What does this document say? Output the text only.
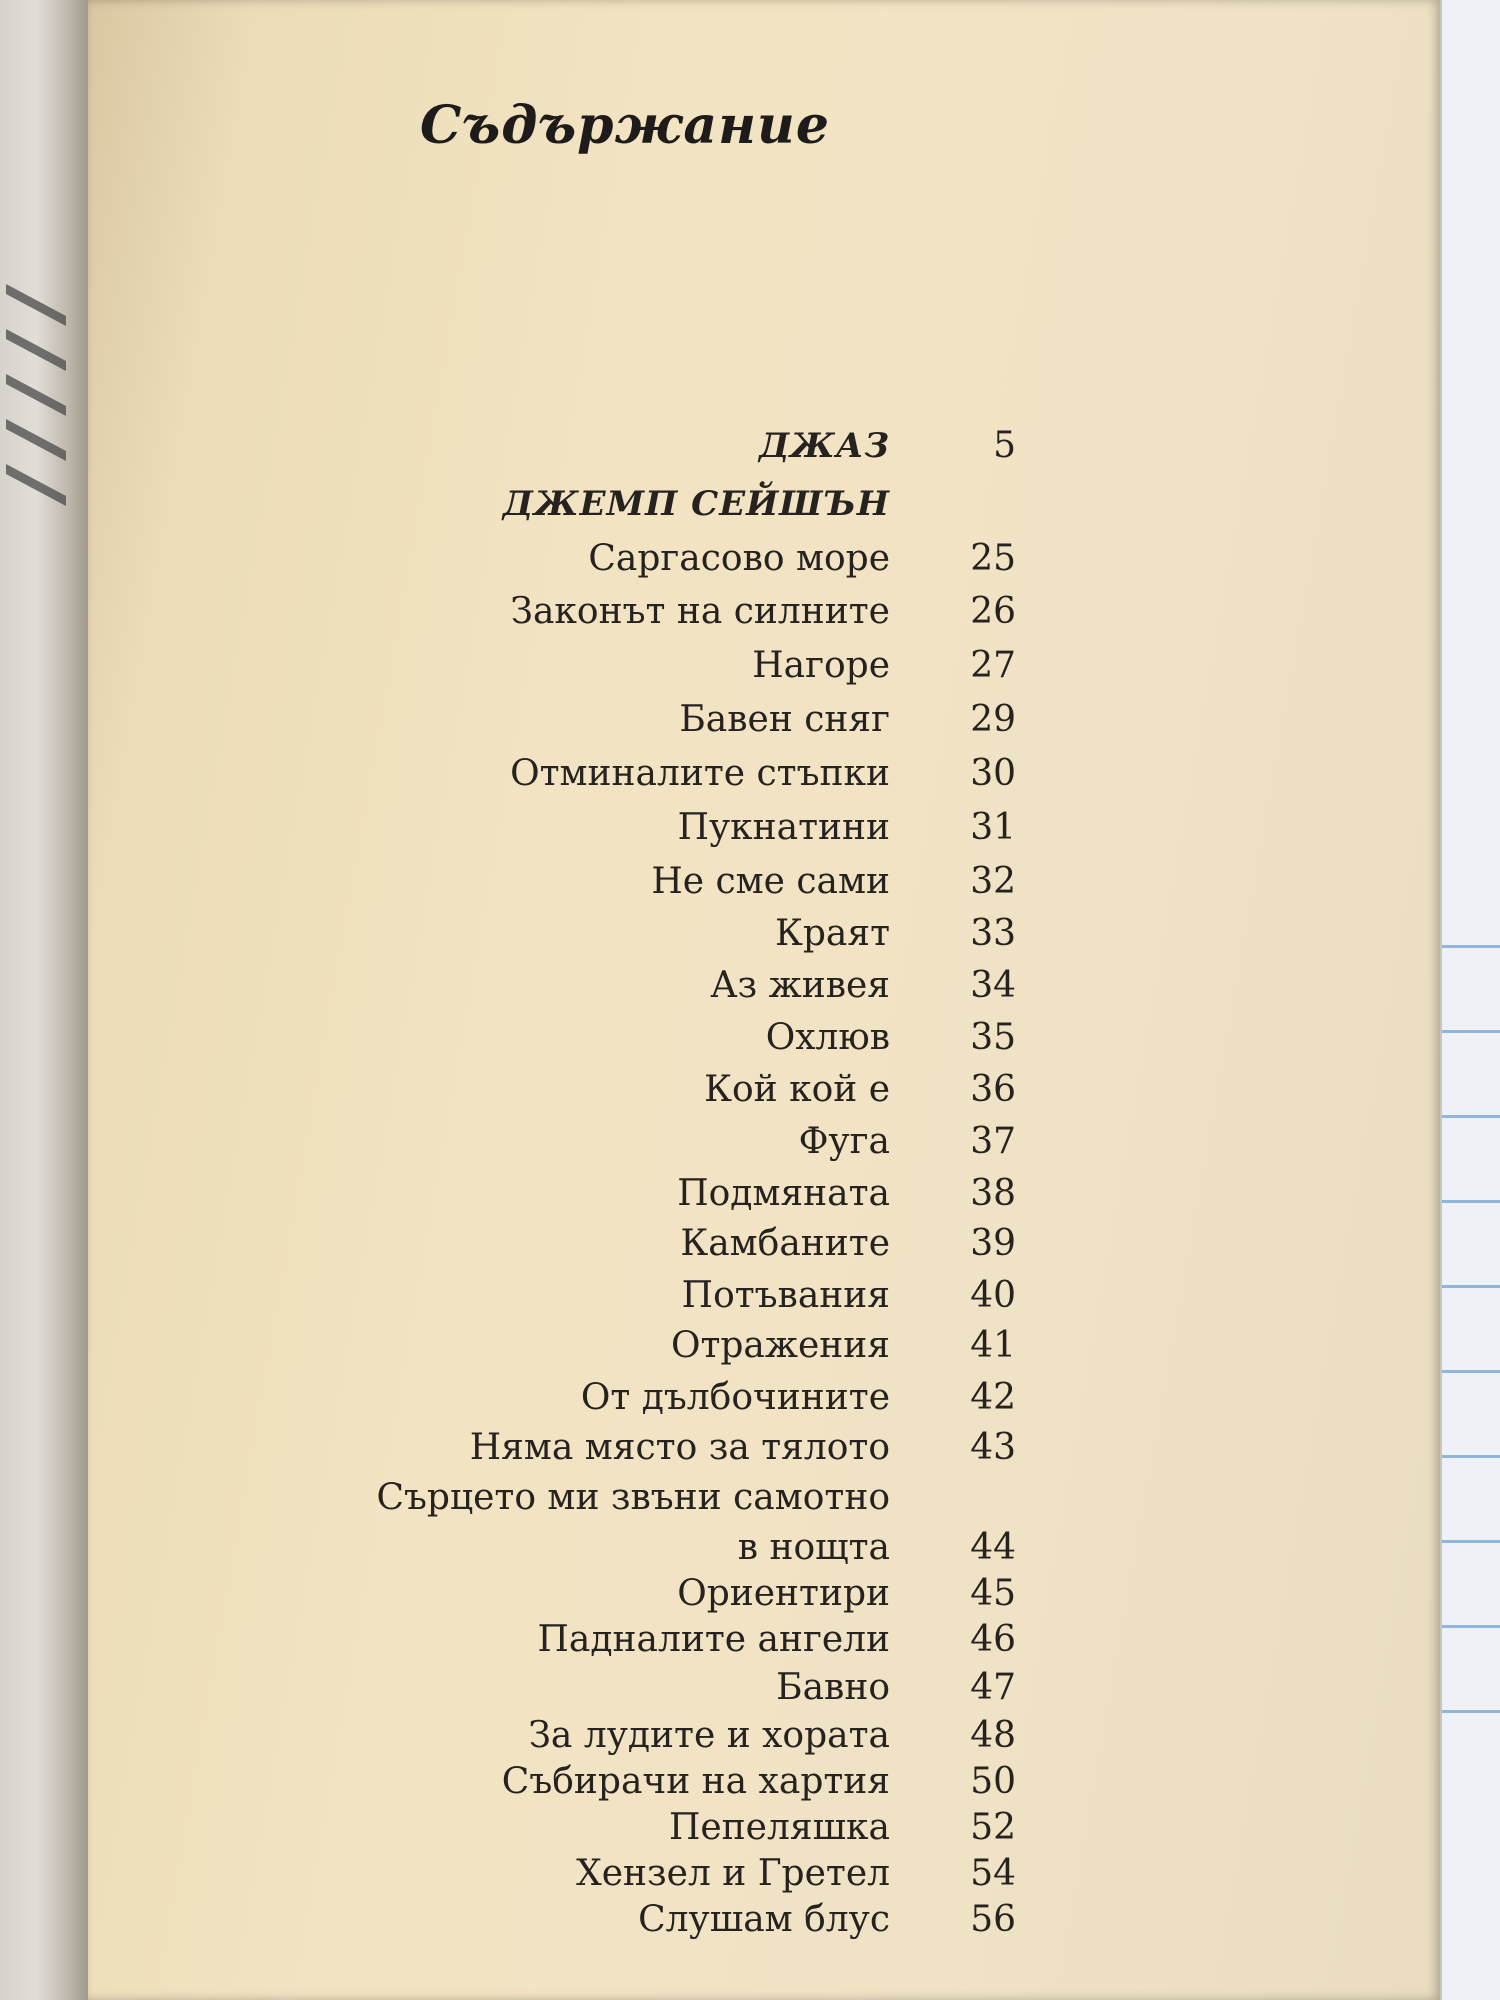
Съдържание
ДЖАЗ	5
ДЖЕМП СЕЙШЪН
Саргасово море 25
Законът на силните 26
Нагоре 27
Бавен сняг 29
Отминалите стъпки 30
Пукнатини 31
Не сме сами 32
Краят 33
Аз живея 34
Охлюв 35
Кой кой е 36
Фуга 37
Подмяната 38
Камбаните 39
Потъвания 40
Отражения 41
От дълбочините 42
Няма място за тялото 43
Сърцето ми звъни самотно
в нощта 44
Ориентири 45
Падналите ангели 46
Бавно 47
За лудите и хората 48
Събирачи на хартия 50
Пепеляшка 52
Хензел и Гретел 54
Слушам блус 56
